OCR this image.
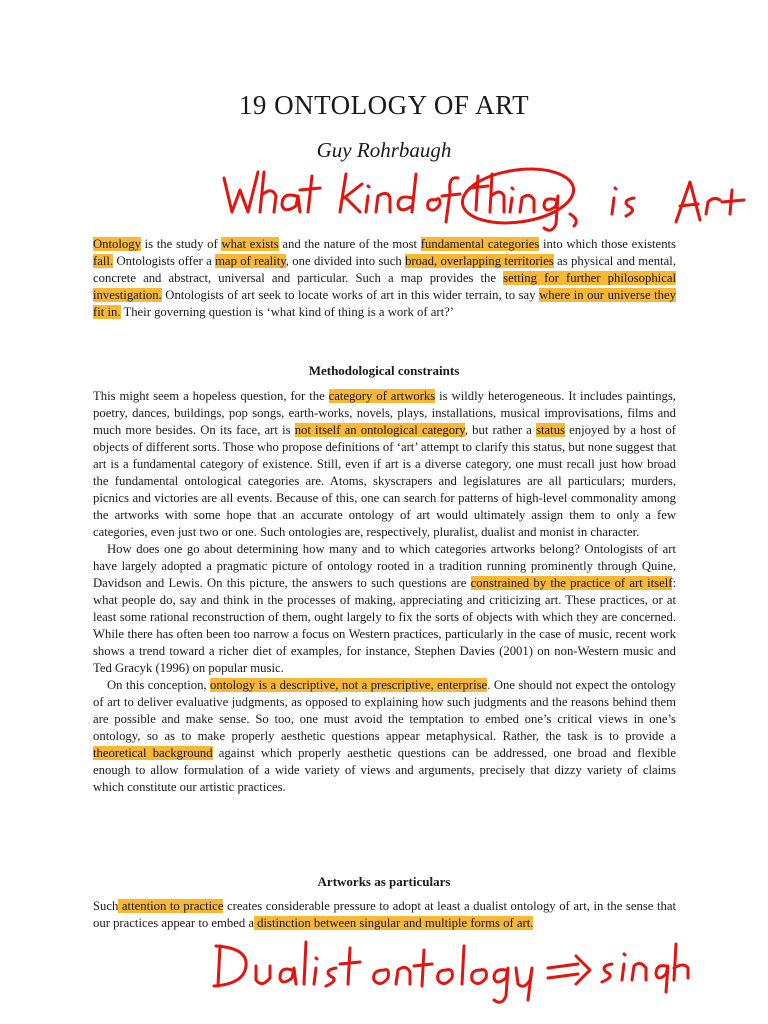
19 ONTOLOGY OF ART
Guy Rohrbaugh

Ontology is the study of what exists and the nature of the most fundamental categories into which those existents fall. Ontologists offer a map of reality, one divided into such broad, overlapping territories as physical and mental, concrete and abstract, universal and particular. Such a map provides the setting for further philosophical investigation. Ontologists of art seek to locate works of art in this wider terrain, to say where in our universe they fit in. Their governing question is ‘what kind of thing is a work of art?’

Methodological constraints

This might seem a hopeless question, for the category of artworks is wildly heterogeneous. It includes paintings, poetry, dances, buildings, pop songs, earth-works, novels, plays, installations, musical improvisations, films and much more besides. On its face, art is not itself an ontological category, but rather a status enjoyed by a host of objects of different sorts. Those who propose definitions of ‘art’ attempt to clarify this status, but none suggest that art is a fundamental category of existence. Still, even if art is a diverse category, one must recall just how broad the fundamental ontological categories are. Atoms, skyscrapers and legislatures are all particulars; murders, picnics and victories are all events. Because of this, one can search for patterns of high-level commonality among the artworks with some hope that an accurate ontology of art would ultimately assign them to only a few categories, even just two or one. Such ontologies are, respectively, pluralist, dualist and monist in character.

How does one go about determining how many and to which categories artworks belong? Ontologists of art have largely adopted a pragmatic picture of ontology rooted in a tradition running prominently through Quine, Davidson and Lewis. On this picture, the answers to such questions are constrained by the practice of art itself: what people do, say and think in the processes of making, appreciating and criticizing art. These practices, or at least some rational reconstruction of them, ought largely to fix the sorts of objects with which they are concerned. While there has often been too narrow a focus on Western practices, particularly in the case of music, recent work shows a trend toward a richer diet of examples, for instance, Stephen Davies (2001) on non-Western music and Ted Gracyk (1996) on popular music.

On this conception, ontology is a descriptive, not a prescriptive, enterprise. One should not expect the ontology of art to deliver evaluative judgments, as opposed to explaining how such judgments and the reasons behind them are possible and make sense. So too, one must avoid the temptation to embed one’s critical views in one’s ontology, so as to make properly aesthetic questions appear metaphysical. Rather, the task is to provide a theoretical background against which properly aesthetic questions can be addressed, one broad and flexible enough to allow formulation of a wide variety of views and arguments, precisely that dizzy variety of claims which constitute our artistic practices.

Artworks as particulars

Such attention to practice creates considerable pressure to adopt at least a dualist ontology of art, in the sense that our practices appear to embed a distinction between singular and multiple forms of art.
